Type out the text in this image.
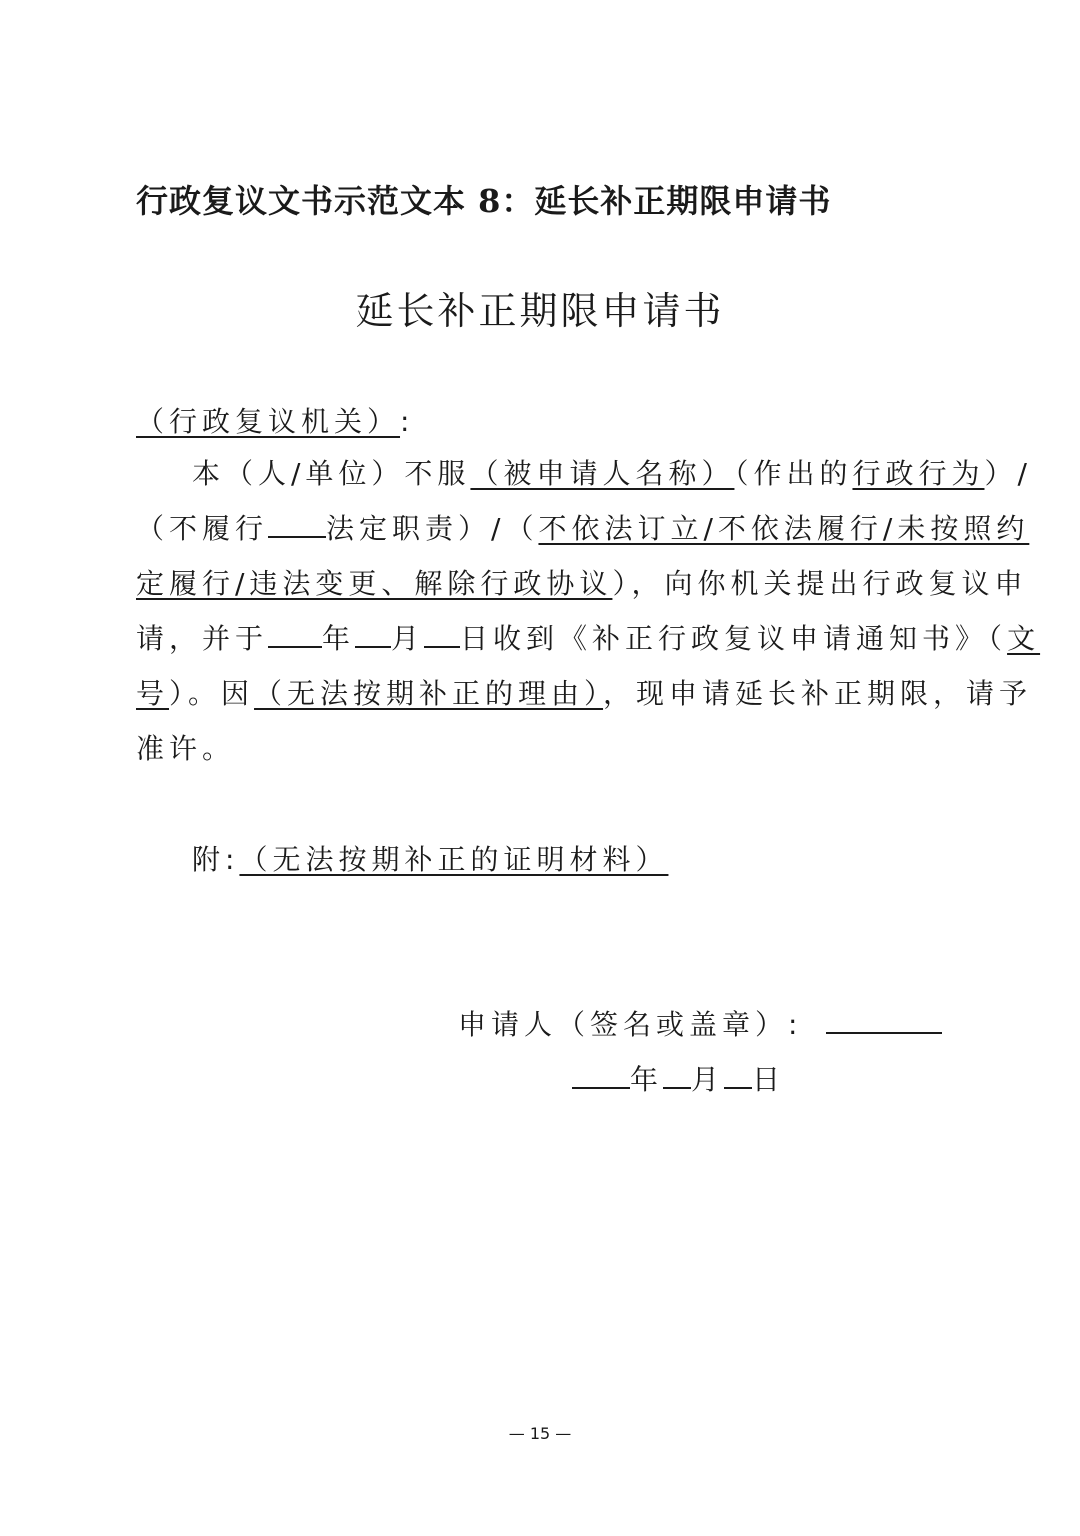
行政复议文书示范文本 8：延长补正期限申请书
延长补正期限申请书
（行政复议机关）:
本（人/单位）不服（被申请人名称）（作出的行政行为）/
（不履行 法定职责）/（不依法订立/不依法履行/未按照约
定履行/违法变更、解除行政协议），向你机关提出行政复议申
请，并于 年 月 日收到《补正行政复议申请通知书》（文
号）。因（无法按期补正的理由），现申请延长补正期限，请予
准许。
附:（无法按期补正的证明材料）
申请人（签名或盖章）:
年 月 日
— 15 —
